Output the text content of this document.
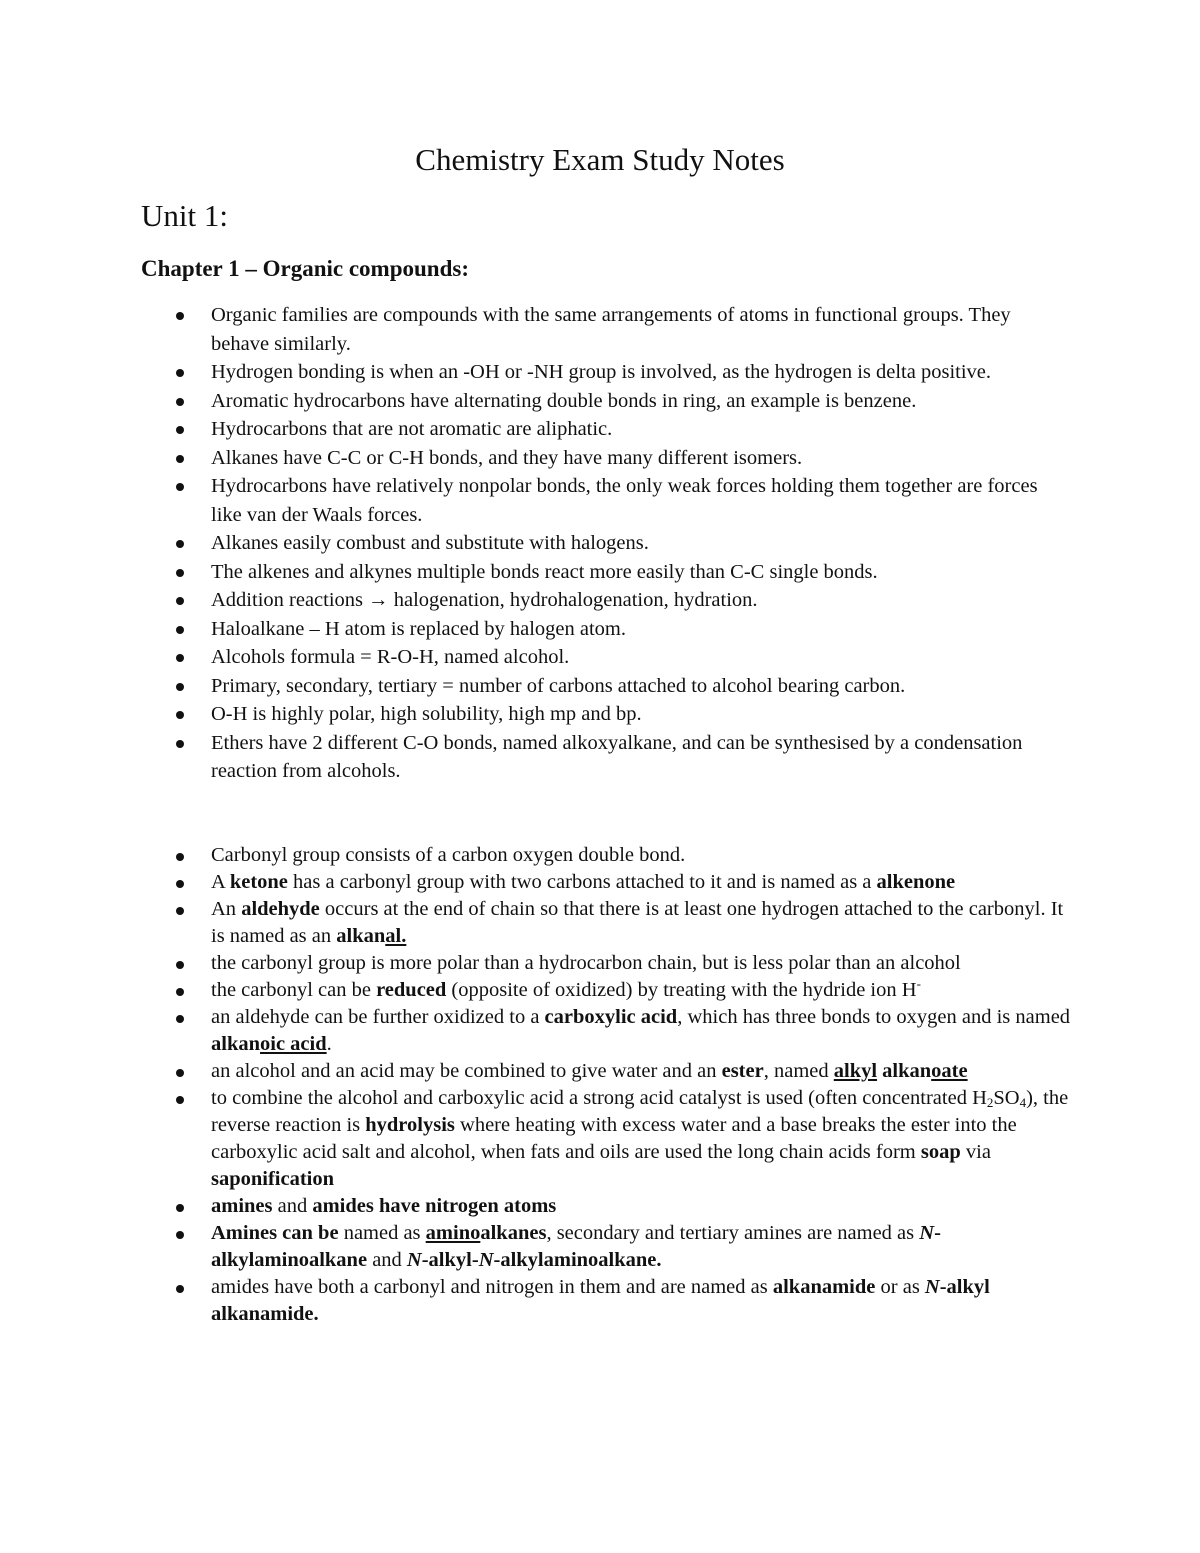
Chemistry Exam Study Notes
Unit 1:
Chapter 1 – Organic compounds:
Organic families are compounds with the same arrangements of atoms in functional groups. They behave similarly.
Hydrogen bonding is when an -OH or -NH group is involved, as the hydrogen is delta positive.
Aromatic hydrocarbons have alternating double bonds in ring, an example is benzene.
Hydrocarbons that are not aromatic are aliphatic.
Alkanes have C-C or C-H bonds, and they have many different isomers.
Hydrocarbons have relatively nonpolar bonds, the only weak forces holding them together are forces like van der Waals forces.
Alkanes easily combust and substitute with halogens.
The alkenes and alkynes multiple bonds react more easily than C-C single bonds.
Addition reactions → halogenation, hydrohalogenation, hydration.
Haloalkane – H atom is replaced by halogen atom.
Alcohols formula = R-O-H, named alcohol.
Primary, secondary, tertiary = number of carbons attached to alcohol bearing carbon.
O-H is highly polar, high solubility, high mp and bp.
Ethers have 2 different C-O bonds, named alkoxyalkane, and can be synthesised by a condensation reaction from alcohols.
Carbonyl group consists of a carbon oxygen double bond.
A ketone has a carbonyl group with two carbons attached to it and is named as a alkenone
An aldehyde occurs at the end of chain so that there is at least one hydrogen attached to the carbonyl. It is named as an alkanal.
the carbonyl group is more polar than a hydrocarbon chain, but is less polar than an alcohol
the carbonyl can be reduced (opposite of oxidized) by treating with the hydride ion H-
an aldehyde can be further oxidized to a carboxylic acid, which has three bonds to oxygen and is named alkanoic acid.
an alcohol and an acid may be combined to give water and an ester, named alkyl alkanoate
to combine the alcohol and carboxylic acid a strong acid catalyst is used (often concentrated $H_2SO_4$), the reverse reaction is hydrolysis where heating with excess water and a base breaks the ester into the carboxylic acid salt and alcohol, when fats and oils are used the long chain acids form soap via saponification
amines and amides have nitrogen atoms
Amines can be named as aminoalkanes, secondary and tertiary amines are named as N-alkylaminoalkane and N-alkyl-N-alkylaminoalkane.
amides have both a carbonyl and nitrogen in them and are named as alkanamide or as N-alkyl alkanamide.
